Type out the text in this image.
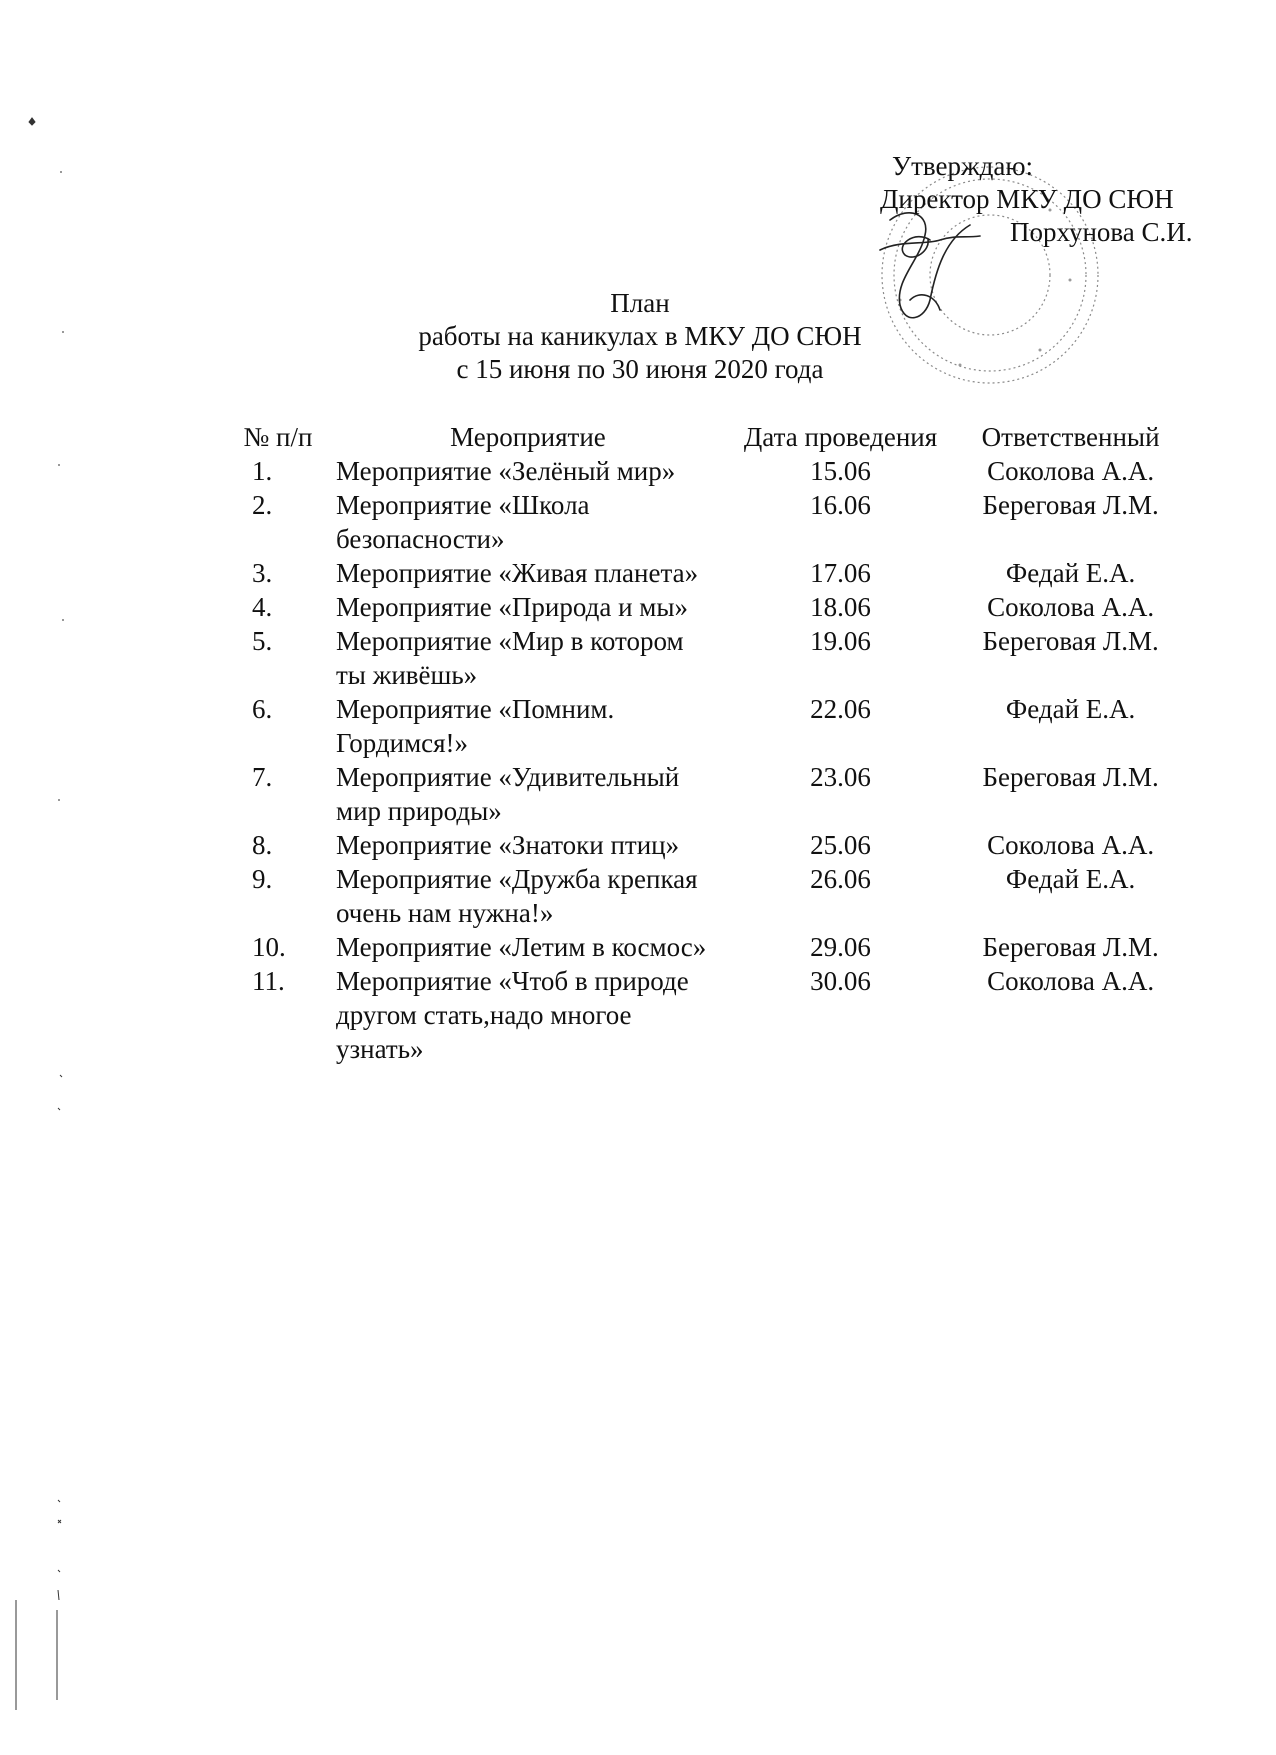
Утверждаю:
Директор МКУ ДО СЮН
Порхунова С.И.
План
работы на каникулах в МКУ ДО СЮН
с 15 июня по 30 июня 2020 года
№ п/п	Мероприятие	Дата проведения	Ответственный
1.	Мероприятие «Зелёный мир»	15.06	Соколова А.А.
2.	Мероприятие «Школа безопасности»	16.06	Береговая Л.М.
3.	Мероприятие «Живая планета»	17.06	Федай Е.А.
4.	Мероприятие «Природа и мы»	18.06	Соколова А.А.
5.	Мероприятие «Мир в котором ты живёшь»	19.06	Береговая Л.М.
6.	Мероприятие «Помним. Гордимся!»	22.06	Федай Е.А.
7.	Мероприятие «Удивительный мир природы»	23.06	Береговая Л.М.
8.	Мероприятие «Знатоки птиц»	25.06	Соколова А.А.
9.	Мероприятие «Дружба крепкая очень нам нужна!»	26.06	Федай Е.А.
10.	Мероприятие «Летим в космос»	29.06	Береговая Л.М.
11.	Мероприятие «Чтоб в природе другом стать,надо многое узнать»	30.06	Соколова А.А.
